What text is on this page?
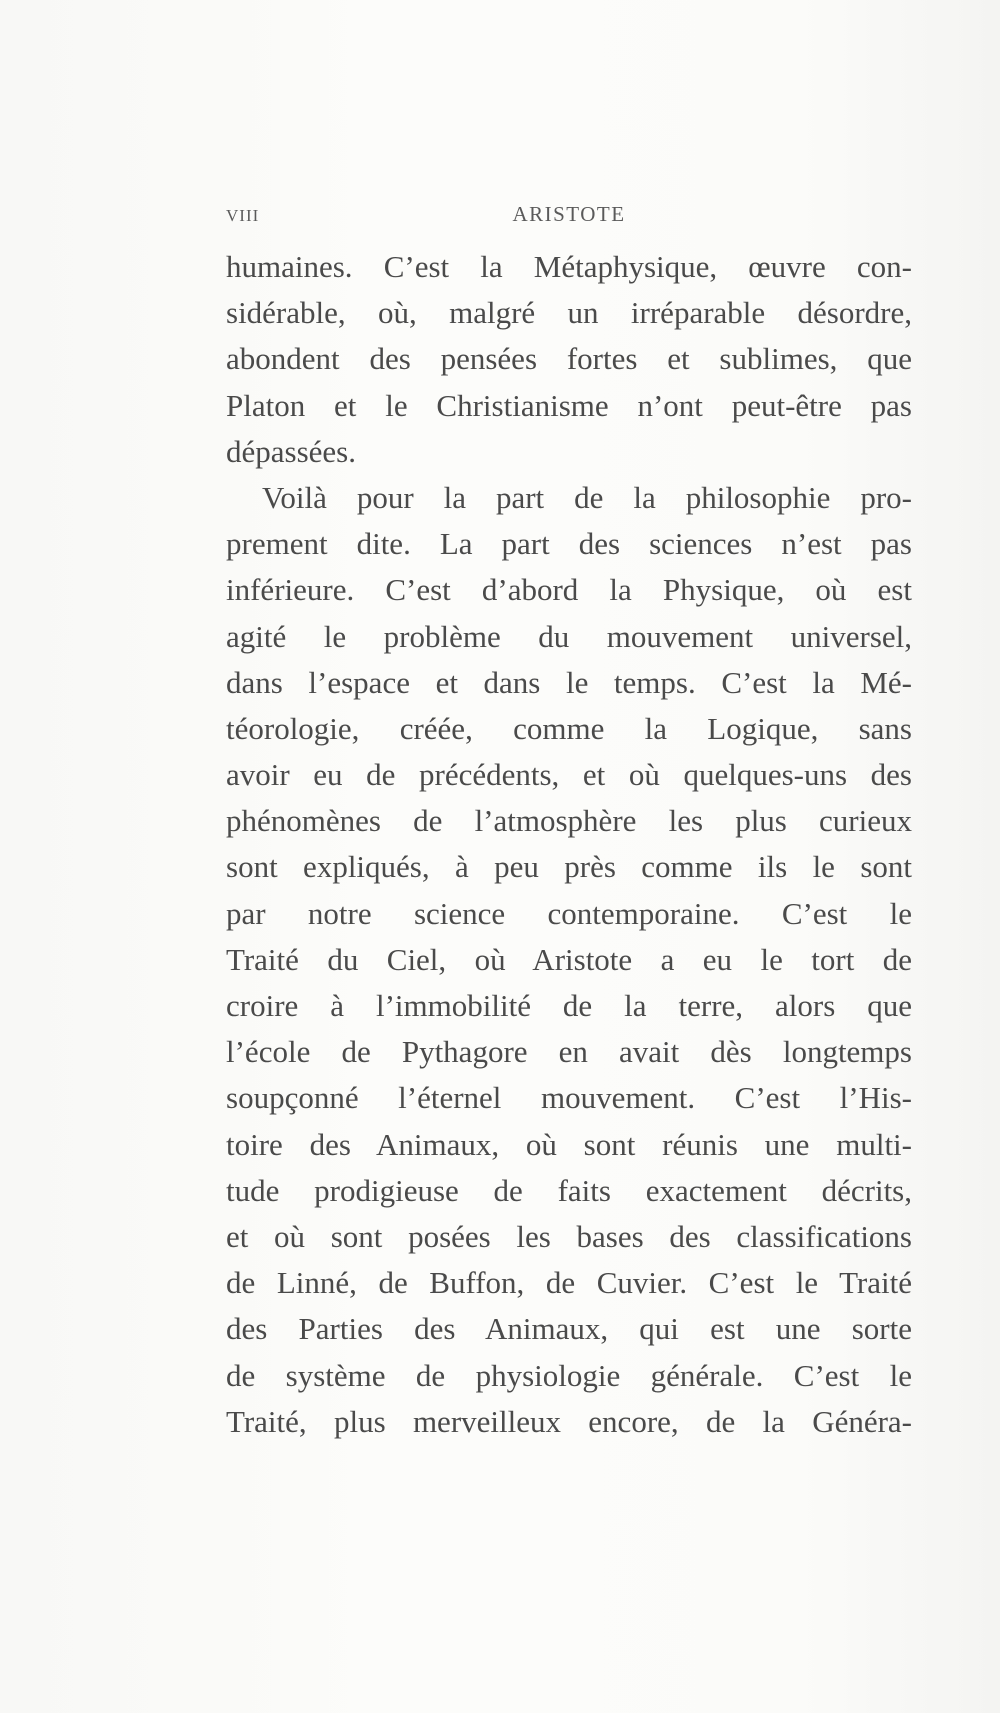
VIII	ARISTOTE
humaines. C’est la Métaphysique, œuvre con-
sidérable, où, malgré un irréparable désordre,
abondent des pensées fortes et sublimes, que
Platon et le Christianisme n’ont peut-être pas
dépassées.
Voilà pour la part de la philosophie pro-
prement dite. La part des sciences n’est pas
inférieure. C’est d’abord la Physique, où est
agité le problème du mouvement universel,
dans l’espace et dans le temps. C’est la Mé-
téorologie, créée, comme la Logique, sans
avoir eu de précédents, et où quelques-uns des
phénomènes de l’atmosphère les plus curieux
sont expliqués, à peu près comme ils le sont
par notre science contemporaine. C’est le
Traité du Ciel, où Aristote a eu le tort de
croire à l’immobilité de la terre, alors que
l’école de Pythagore en avait dès longtemps
soupçonné l’éternel mouvement. C’est l’His-
toire des Animaux, où sont réunis une multi-
tude prodigieuse de faits exactement décrits,
et où sont posées les bases des classifications
de Linné, de Buffon, de Cuvier. C’est le Traité
des Parties des Animaux, qui est une sorte
de système de physiologie générale. C’est le
Traité, plus merveilleux encore, de la Généra-
